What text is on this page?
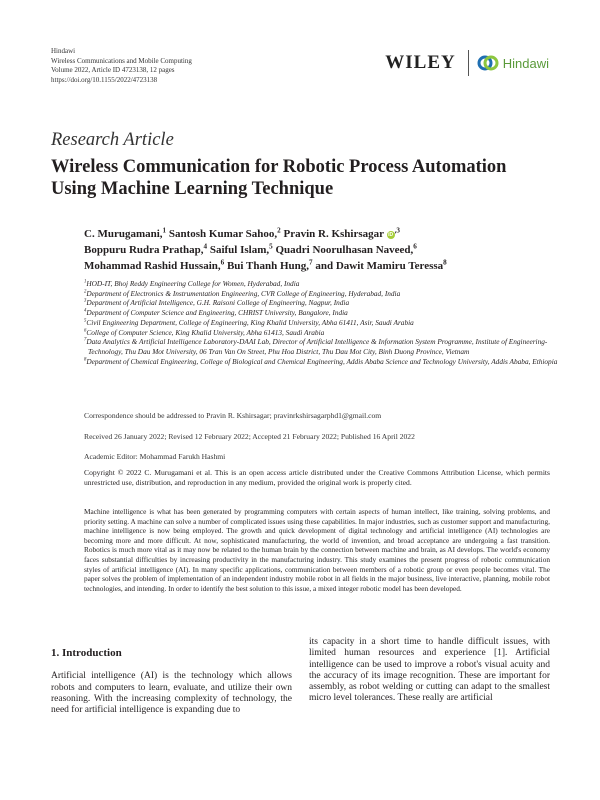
Hindawi
Wireless Communications and Mobile Computing
Volume 2022, Article ID 4723138, 12 pages
https://doi.org/10.1155/2022/4723138
WILEY	Hindawi
Research Article
Wireless Communication for Robotic Process Automation Using Machine Learning Technique
C. Murugamani,$^1$ Santosh Kumar Sahoo,$^2$ Pravin R. Kshirsagar $iD^{,3}$
Boppuru Rudra Prathap,$^4$ Saiful Islam,$^5$ Quadri Noorulhasan Naveed,$^6$
Mohammad Rashid Hussain,$^6$ Bui Thanh Hung,$^7$ and Dawit Mamiru Teressa$^8$
$^1$HOD-IT, Bhoj Reddy Engineering College for Women, Hyderabad, India
$^2$Department of Electronics & Instrumentation Engineering, CVR College of Engineering, Hyderabad, India
$^3$Department of Artificial Intelligence, G.H. Raisoni College of Engineering, Nagpur, India
$^4$Department of Computer Science and Engineering, CHRIST University, Bangalore, India
$^5$Civil Engineering Department, College of Engineering, King Khalid University, Abha 61411, Asir, Saudi Arabia
$^6$College of Computer Science, King Khalid University, Abha 61413, Saudi Arabia
$^7$Data Analytics & Artificial Intelligence Laboratory-DAAI Lab, Director of Artificial Intelligence & Information System Programme, Institute of Engineering-Technology, Thu Dau Mot University, 06 Tran Van On Street, Phu Hoa District, Thu Dau Mot City, Binh Duong Province, Vietnam
$^8$Department of Chemical Engineering, College of Biological and Chemical Engineering, Addis Ababa Science and Technology University, Addis Ababa, Ethiopia
Correspondence should be addressed to Pravin R. Kshirsagar; pravinrkshirsagarphd1@gmail.com
Received 26 January 2022; Revised 12 February 2022; Accepted 21 February 2022; Published 16 April 2022
Academic Editor: Mohammad Farukh Hashmi
Copyright © 2022 C. Murugamani et al. This is an open access article distributed under the Creative Commons Attribution License, which permits unrestricted use, distribution, and reproduction in any medium, provided the original work is properly cited.
Machine intelligence is what has been generated by programming computers with certain aspects of human intellect, like training, solving problems, and priority setting. A machine can solve a number of complicated issues using these capabilities. In major industries, such as customer support and manufacturing, machine intelligence is now being employed. The growth and quick development of digital technology and artificial intelligence (AI) technologies are becoming more and more difficult. At now, sophisticated manufacturing, the world of invention, and broad acceptance are undergoing a fast transition. Robotics is much more vital as it may now be related to the human brain by the connection between machine and brain, as AI develops. The world's economy faces substantial difficulties by increasing productivity in the manufacturing industry. This study examines the present progress of robotic communication styles of artificial intelligence (AI). In many specific applications, communication between members of a robotic group or even people becomes vital. The paper solves the problem of implementation of an independent industry mobile robot in all fields in the major business, live interactive, planning, mobile robot technologies, and intending. In order to identify the best solution to this issue, a mixed integer robotic model has been developed.
1. Introduction
Artificial intelligence (AI) is the technology which allows robots and computers to learn, evaluate, and utilize their own reasoning. With the increasing complexity of technology, the need for artificial intelligence is expanding due to
its capacity in a short time to handle difficult issues, with limited human resources and experience [1]. Artificial intelligence can be used to improve a robot's visual acuity and the accuracy of its image recognition. These are important for assembly, as robot welding or cutting can adapt to the smallest micro level tolerances. These really are artificial
